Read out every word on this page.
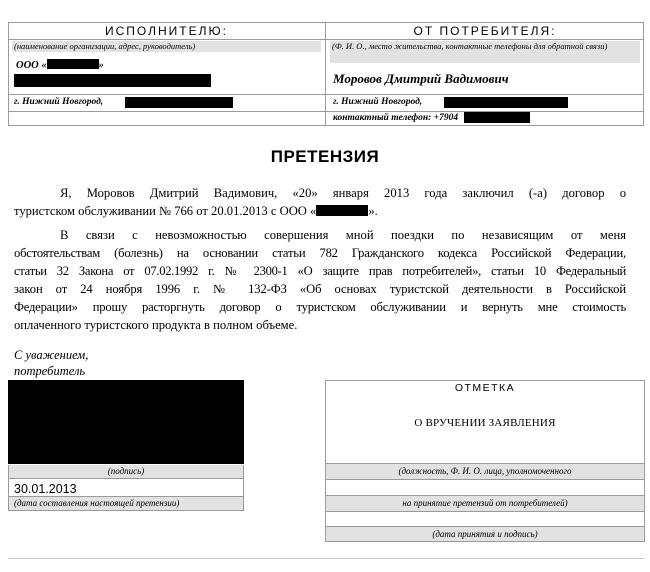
ИСПОЛНИТЕЛЮ:
(наименование организации, адрес, руководитель)
ООО «	»
г. Нижний Новгород,
ОТ ПОТРЕБИТЕЛЯ:
(Ф. И. О., место жительства, контактные телефоны для обратной связи)
Моровов Дмитрий Вадимович
г. Нижний Новгород,
контактный телефон: +7904
ПРЕТЕНЗИЯ
Я, Моровов Дмитрий Вадимович, «20» января 2013 года заключил (-а) договор о
туристском обслуживании № 766 от 20.01.2013 с ООО «	».
В связи с невозможностью совершения мной поездки по независящим от меня
обстоятельствам (болезнь) на основании статьи 782 Гражданского кодекса Российской Федерации,
статьи 32 Закона от 07.02.1992 г. № 2300-1 «О защите прав потребителей», статьи 10 Федеральный
закон от 24 ноября 1996 г. № 132-ФЗ «Об основах туристской деятельности в Российской
Федерации» прошу расторгнуть договор о туристском обслуживании и вернуть мне стоимость
оплаченного туристского продукта в полном объеме.
С уважением,
потребитель
(подпись)
30.01.2013
(дата составления настоящей претензии)
ОТМЕТКА
О ВРУЧЕНИИ ЗАЯВЛЕНИЯ
(должность, Ф. И. О. лица, уполномоченного
на принятие претензий от потребителей)
(дата принятия и подпись)
